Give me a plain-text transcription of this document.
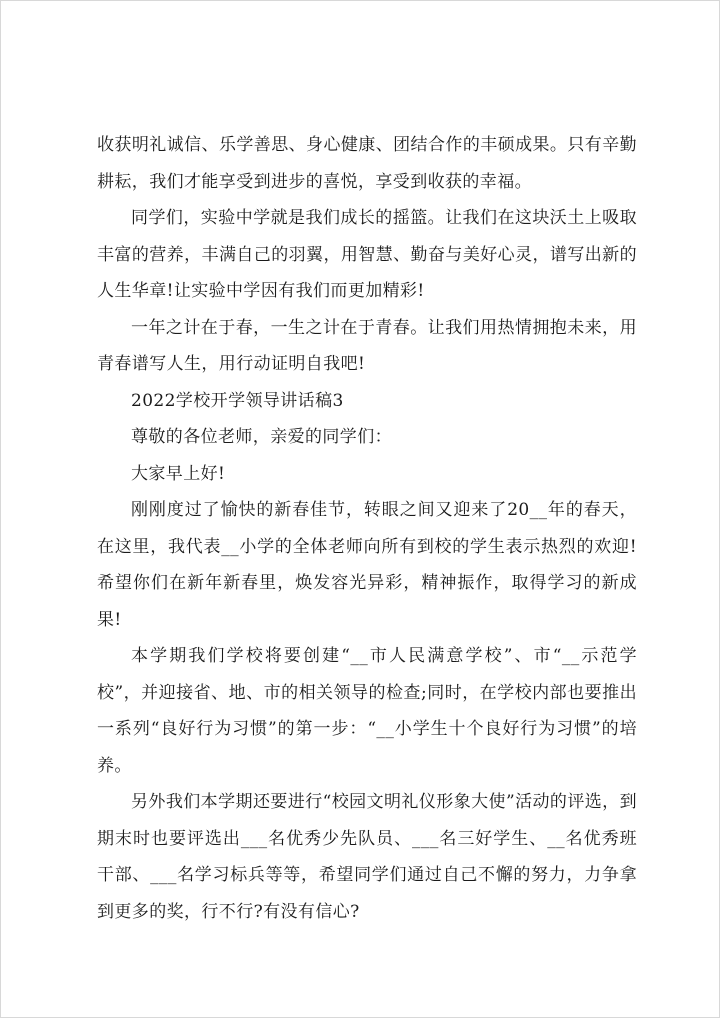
收获明礼诚信、乐学善思、身心健康、团结合作的丰硕成果。只有辛勤耕耘，我们才能享受到进步的喜悦，享受到收获的幸福。

同学们，实验中学就是我们成长的摇篮。让我们在这块沃土上吸取丰富的营养，丰满自己的羽翼，用智慧、勤奋与美好心灵，谱写出新的人生华章!让实验中学因有我们而更加精彩!

一年之计在于春，一生之计在于青春。让我们用热情拥抱未来，用青春谱写人生，用行动证明自我吧!

2022学校开学领导讲话稿3

尊敬的各位老师，亲爱的同学们：

大家早上好!

刚刚度过了愉快的新春佳节，转眼之间又迎来了20__年的春天，在这里，我代表__小学的全体老师向所有到校的学生表示热烈的欢迎!希望你们在新年新春里，焕发容光异彩，精神振作，取得学习的新成果!

本学期我们学校将要创建“__市人民满意学校”、市“__示范学校”，并迎接省、地、市的相关领导的检查;同时，在学校内部也要推出一系列“良好行为习惯”的第一步：“__小学生十个良好行为习惯”的培养。

另外我们本学期还要进行“校园文明礼仪形象大使”活动的评选，到期末时也要评选出___名优秀少先队员、___名三好学生、__名优秀班干部、___名学习标兵等等，希望同学们通过自己不懈的努力，力争拿到更多的奖，行不行?有没有信心?
